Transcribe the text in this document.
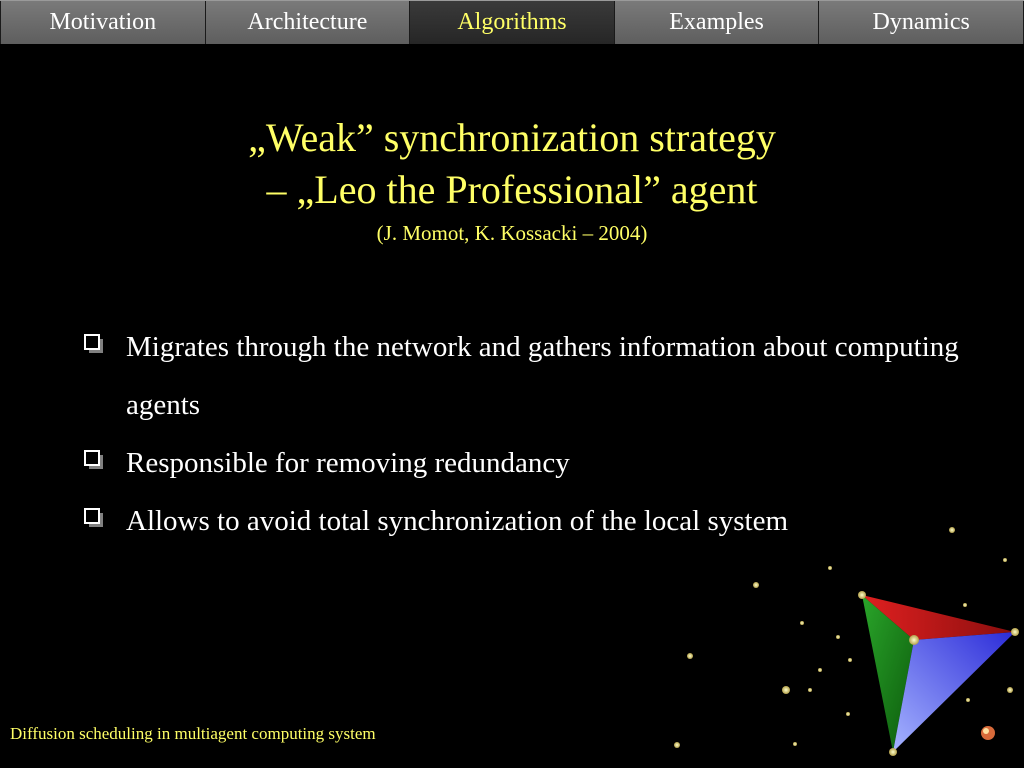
Motivation	Architecture	Algorithms	Examples	Dynamics
„Weak” synchronization strategy
– „Leo the Professional” agent
(J. Momot, K. Kossacki – 2004)
Migrates through the network and gathers information about computing agents
Responsible for removing redundancy
Allows to avoid total synchronization of the local system
Diffusion scheduling in multiagent computing system
